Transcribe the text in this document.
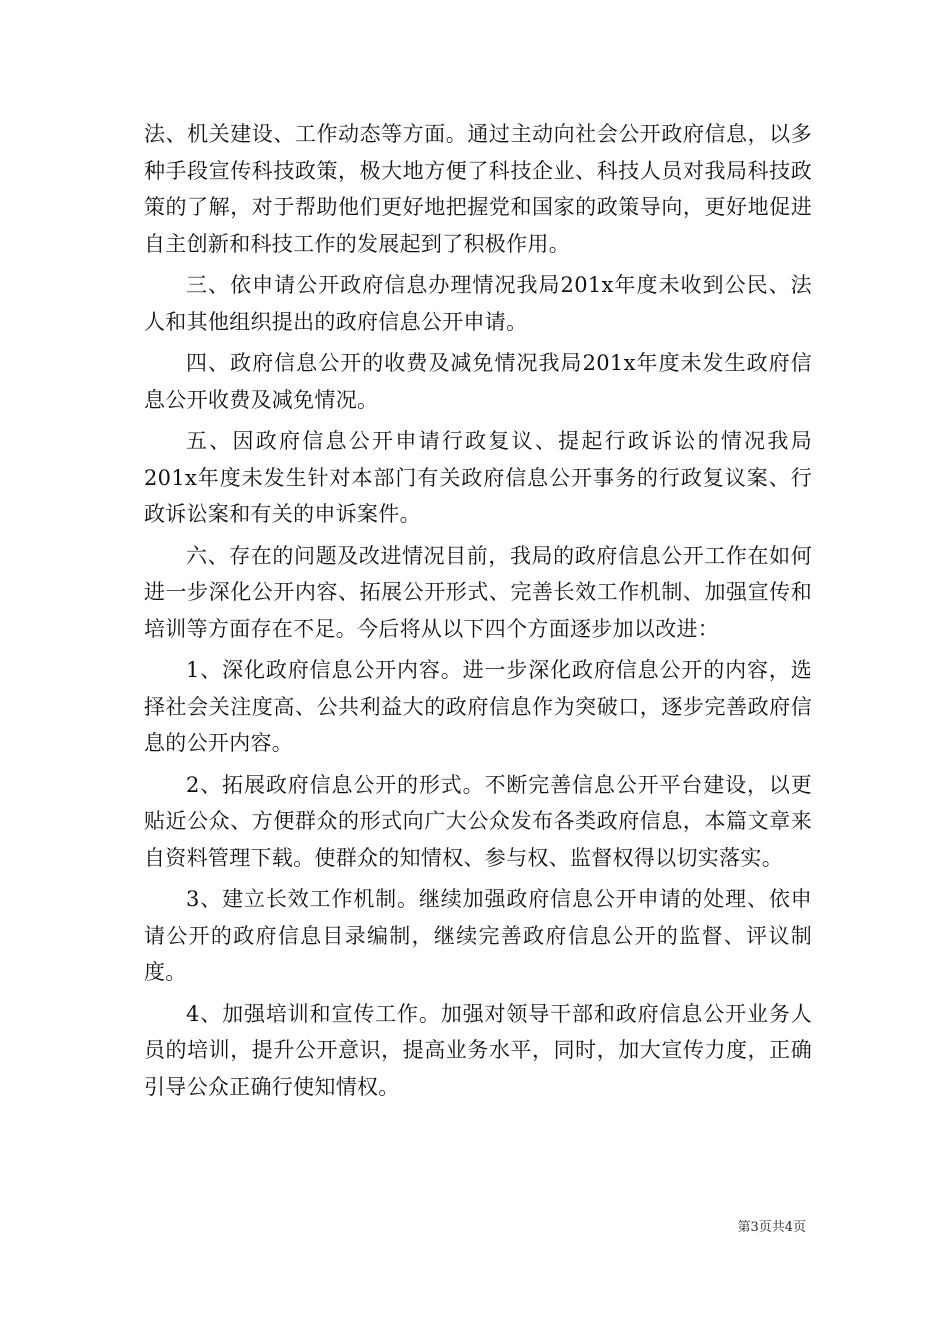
法、机关建设、工作动态等方面。通过主动向社会公开政府信息，以多种手段宣传科技政策，极大地方便了科技企业、科技人员对我局科技政策的了解，对于帮助他们更好地把握党和国家的政策导向，更好地促进自主创新和科技工作的发展起到了积极作用。

三、依申请公开政府信息办理情况我局201x年度未收到公民、法人和其他组织提出的政府信息公开申请。

四、政府信息公开的收费及减免情况我局201x年度未发生政府信息公开收费及减免情况。

五、因政府信息公开申请行政复议、提起行政诉讼的情况我局201x年度未发生针对本部门有关政府信息公开事务的行政复议案、行政诉讼案和有关的申诉案件。

六、存在的问题及改进情况目前，我局的政府信息公开工作在如何进一步深化公开内容、拓展公开形式、完善长效工作机制、加强宣传和培训等方面存在不足。今后将从以下四个方面逐步加以改进：

1、深化政府信息公开内容。进一步深化政府信息公开的内容，选择社会关注度高、公共利益大的政府信息作为突破口，逐步完善政府信息的公开内容。

2、拓展政府信息公开的形式。不断完善信息公开平台建设，以更贴近公众、方便群众的形式向广大公众发布各类政府信息，本篇文章来自资料管理下载。使群众的知情权、参与权、监督权得以切实落实。

3、建立长效工作机制。继续加强政府信息公开申请的处理、依申请公开的政府信息目录编制，继续完善政府信息公开的监督、评议制度。

4、加强培训和宣传工作。加强对领导干部和政府信息公开业务人员的培训，提升公开意识，提高业务水平，同时，加大宣传力度，正确引导公众正确行使知情权。

第3页共4页
